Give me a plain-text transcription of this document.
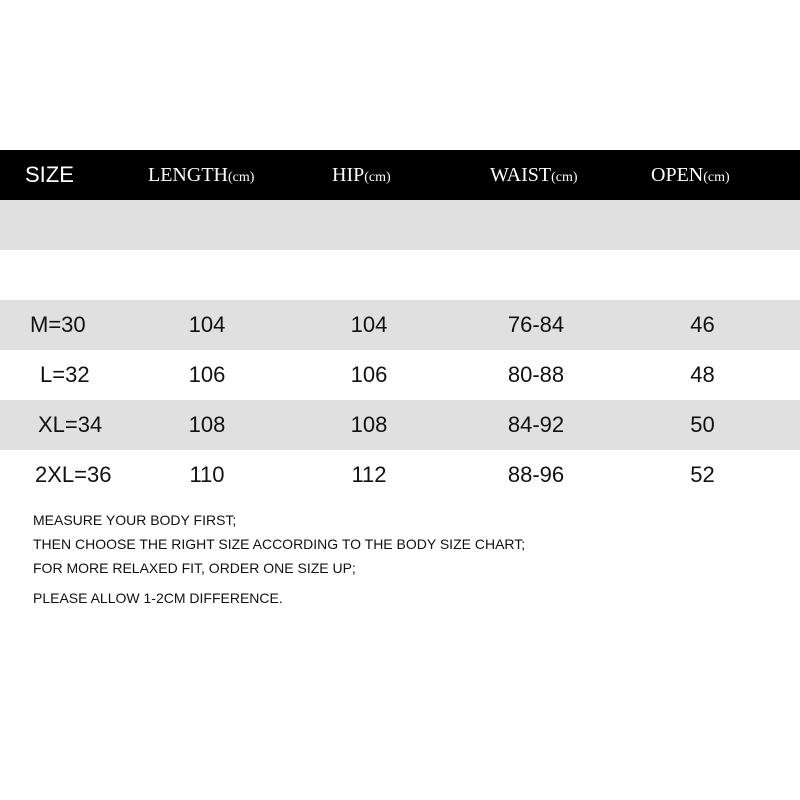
SIZE	LENGTH(cm)	HIP(cm)	WAIST(cm)	OPEN(cm)
M=30	104	104	76-84	46
L=32	106	106	80-88	48
XL=34	108	108	84-92	50
2XL=36	110	112	88-96	52
MEASURE YOUR BODY FIRST;
THEN CHOOSE THE RIGHT SIZE ACCORDING TO THE BODY SIZE CHART;
FOR MORE RELAXED FIT, ORDER ONE SIZE UP;
PLEASE ALLOW 1-2CM DIFFERENCE.
